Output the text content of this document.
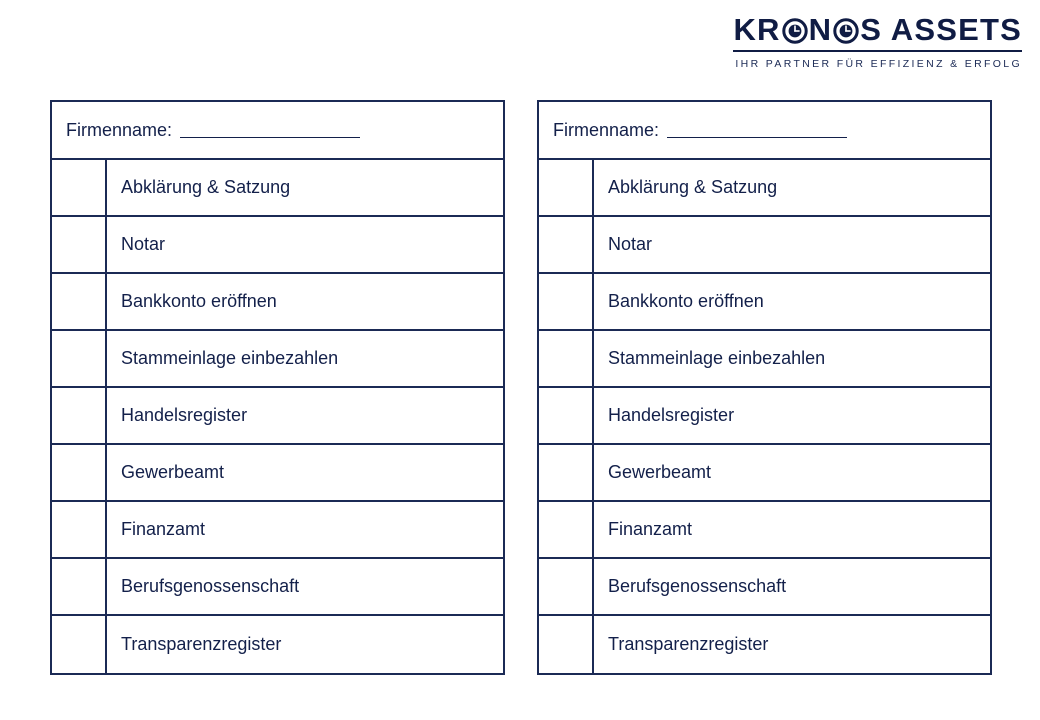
KR N S ASSETS
IHR PARTNER FÜR EFFIZIENZ & ERFOLG
Firmenname:
Abklärung & Satzung
Notar
Bankkonto eröffnen
Stammeinlage einbezahlen
Handelsregister
Gewerbeamt
Finanzamt
Berufsgenossenschaft
Transparenzregister
Firmenname:
Abklärung & Satzung
Notar
Bankkonto eröffnen
Stammeinlage einbezahlen
Handelsregister
Gewerbeamt
Finanzamt
Berufsgenossenschaft
Transparenzregister
